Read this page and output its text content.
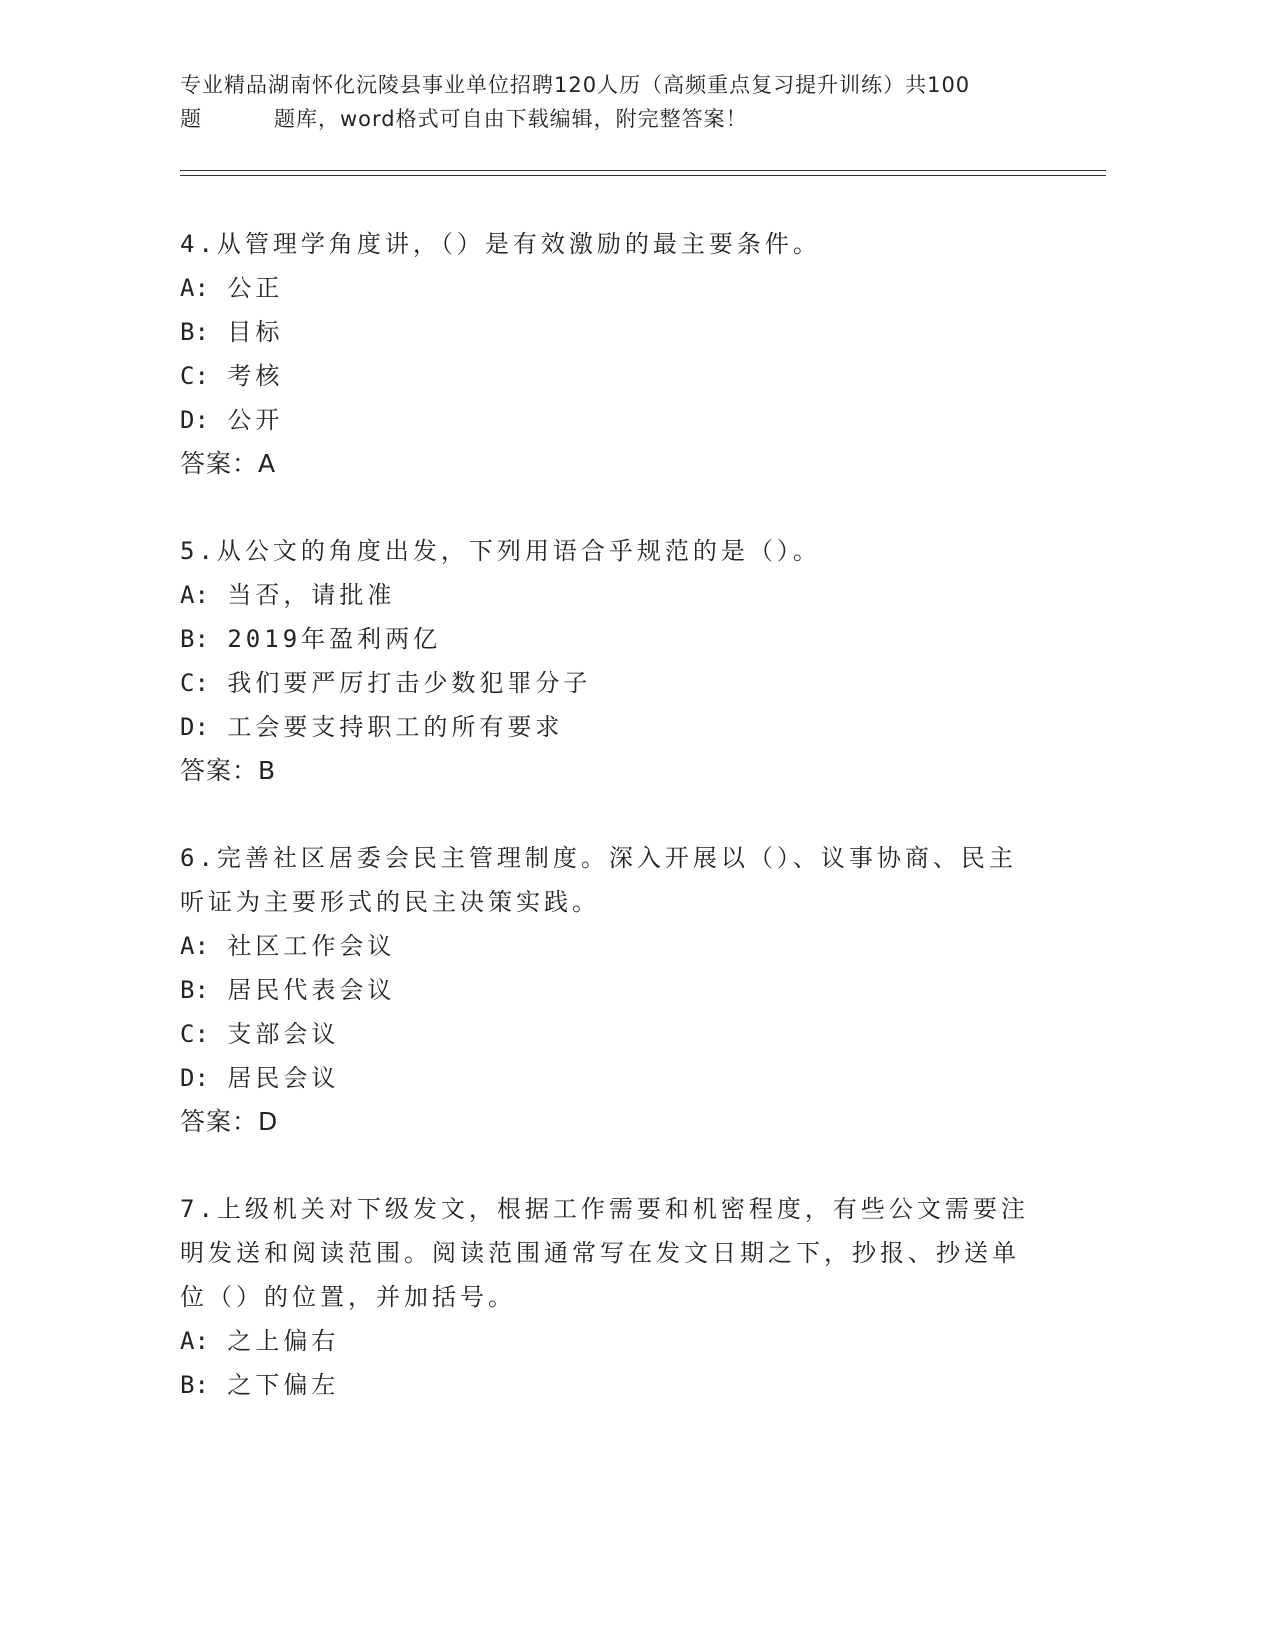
专业精品湖南怀化沅陵县事业单位招聘120人历（高频重点复习提升训练）共100
题	题库，word格式可自由下载编辑，附完整答案！
4.从管理学角度讲，（）是有效激励的最主要条件。
A: 公正
B: 目标
C: 考核
D: 公开
答案：A
5.从公文的角度出发，下列用语合乎规范的是（）。
A: 当否，请批准
B: 2019年盈利两亿
C: 我们要严厉打击少数犯罪分子
D: 工会要支持职工的所有要求
答案：B
6.完善社区居委会民主管理制度。深入开展以（）、议事协商、民主听证为主要形式的民主决策实践。
A: 社区工作会议
B: 居民代表会议
C: 支部会议
D: 居民会议
答案：D
7.上级机关对下级发文，根据工作需要和机密程度，有些公文需要注明发送和阅读范围。阅读范围通常写在发文日期之下，抄报、抄送单位（）的位置，并加括号。
A: 之上偏右
B: 之下偏左
